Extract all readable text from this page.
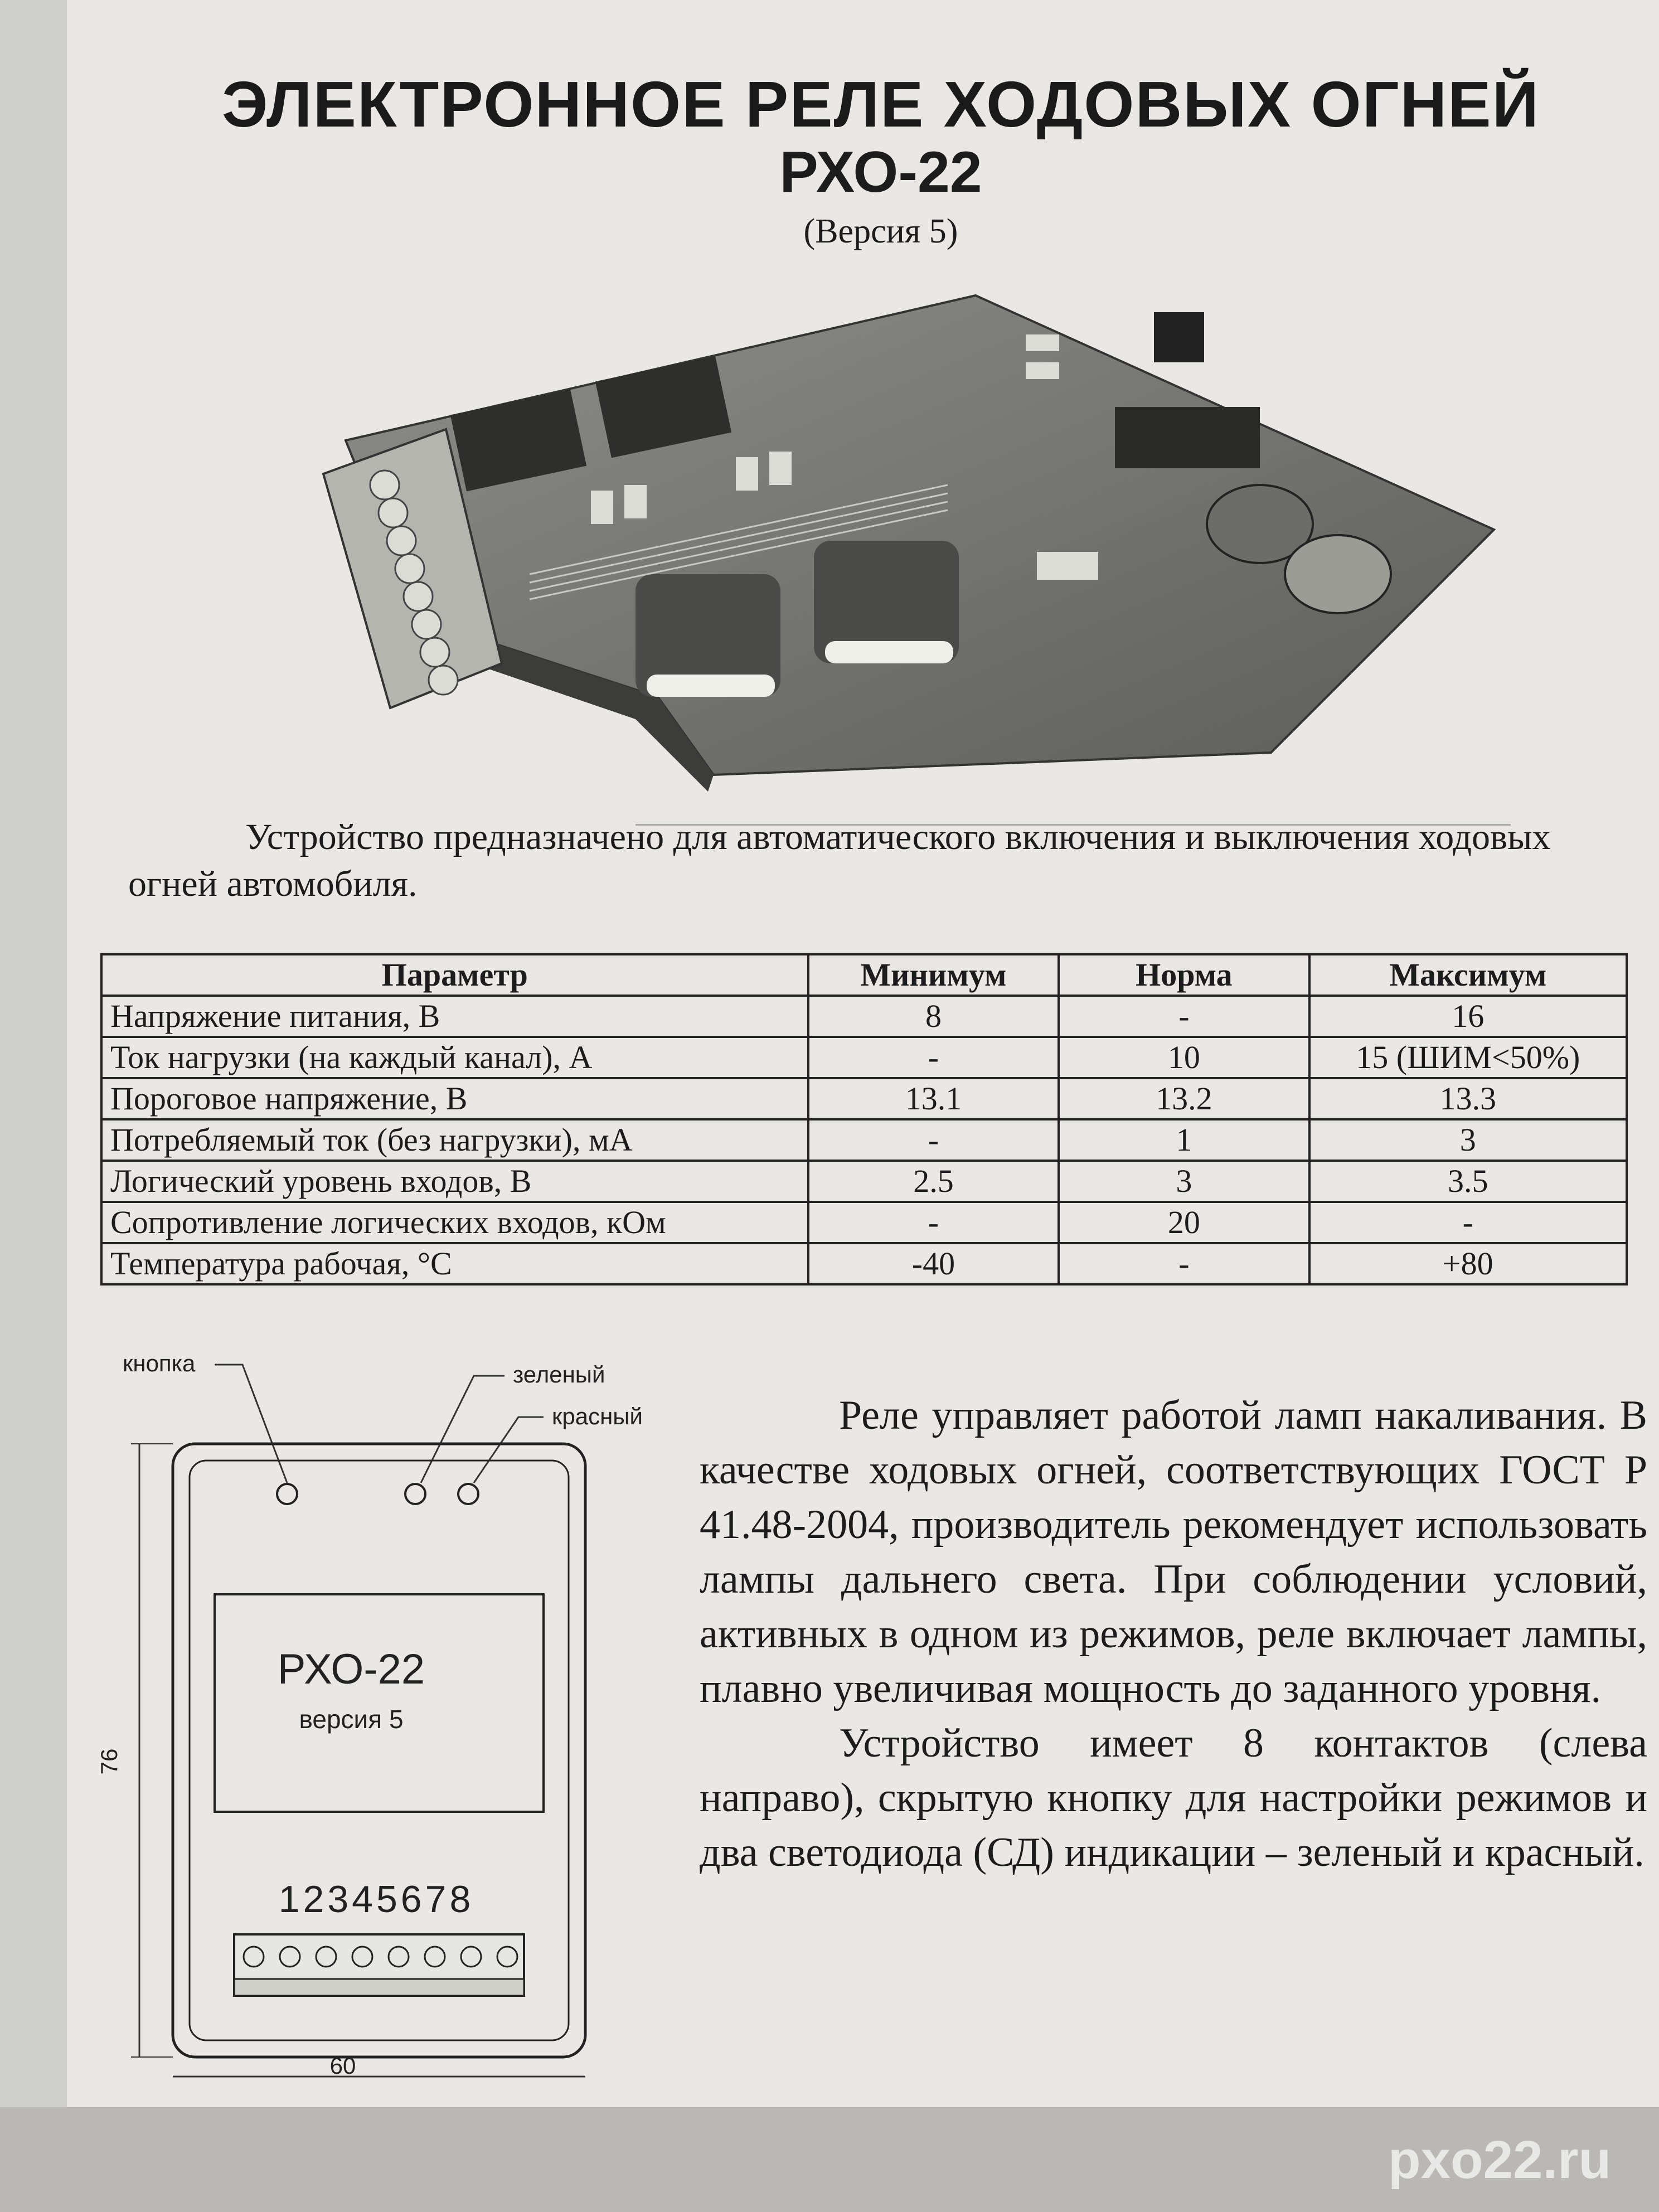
ЭЛЕКТРОННОЕ РЕЛЕ ХОДОВЫХ ОГНЕЙ
РХО-22
(Версия 5)
Устройство предназначено для автоматического включения и выключения ходовых огней автомобиля.
Параметр	Минимум	Норма	Максимум
Напряжение питания, В	8	-	16
Ток нагрузки (на каждый канал), А	-	10	15 (ШИМ<50%)
Пороговое напряжение, В	13.1	13.2	13.3
Потребляемый ток (без нагрузки), мА	-	1	3
Логический уровень входов, В	2.5	3	3.5
Сопротивление логических входов, кОм	-	20	-
Температура рабочая, °С	-40	-	+80
кнопка	зеленый
красный
РХО-22
версия 5
12345678
76
60

Реле управляет работой ламп накаливания. В качестве ходовых огней, соответствующих ГОСТ Р 41.48-2004, производитель рекомендует использовать лампы дальнего света. При соблюдении условий, активных в одном из режимов, реле включает лампы, плавно увеличивая мощность до заданного уровня.

Устройство имеет 8 контактов (слева направо), скрытую кнопку для настройки режимов и два светодиода (СД) индикации – зеленый и красный.

pxo22.ru
